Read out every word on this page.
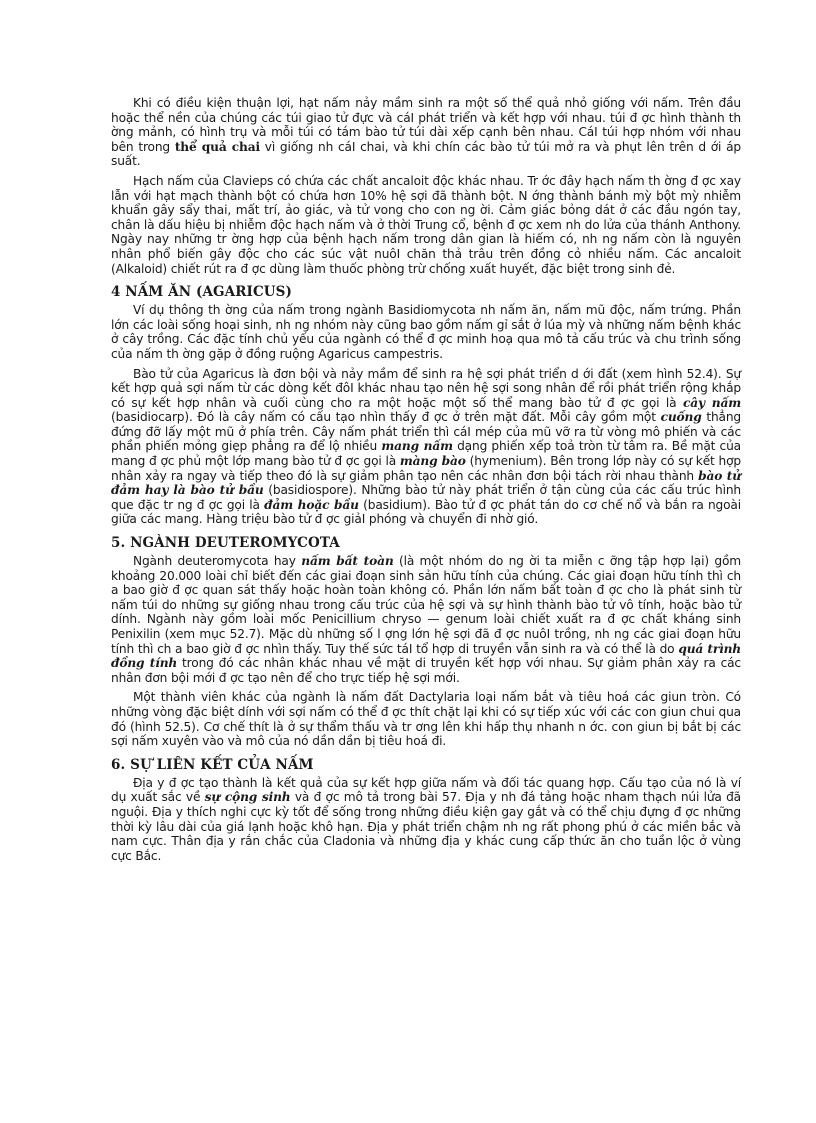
Khi có điều kiện thuận lợi, hạt nấm nảy mầm sinh ra một số thể quả nhỏ giống với nấm. Trên đầu hoặc thể nền của chúng các túi giao tử đực và cáI phát triển và kết hợp với nhau. túi đ ợc hình thành th ờng mảnh, có hình trụ và mỗi túi có tám bào tử túi dài xếp cạnh bên nhau. CáI túi hợp nhóm với nhau bên trong thể quả chai vì giống nh cáI chai, và khi chín các bào tử túi mở ra và phụt lên trên d ới áp suất.

Hạch nấm của Clavieps có chứa các chất ancaloit độc khác nhau. Tr ớc đây hạch nấm th ờng đ ợc xay lẫn với hạt mạch thành bột có chứa hơn 10% hệ sợi đã thành bột. N ớng thành bánh mỳ bột mỳ nhiễm khuẩn gây sẩy thai, mất trí, ảo giác, và tử vong cho con ng ời. Cảm giác bỏng dát ở các đầu ngón tay, chân là dấu hiệu bị nhiễm độc hạch nấm và ở thời Trung cổ, bệnh đ ợc xem nh do lửa của thánh Anthony. Ngày nay những tr ờng hợp của bệnh hạch nấm trong dân gian là hiếm có, nh ng nấm còn là nguyên nhân phổ biến gây độc cho các súc vật nuôI chăn thả trâu trên đồng cỏ nhiều nấm. Các ancaloit (Alkaloid) chiết rút ra đ ợc dùng làm thuốc phòng trừ chống xuất huyết, đặc biệt trong sinh đẻ.

4 NẤM ĂN (AGARICUS)

Ví dụ thông th ờng của nấm trong ngành Basidiomycota nh nấm ăn, nấm mũ độc, nấm trứng. Phần lớn các loài sống hoại sinh, nh ng nhóm này cũng bao gồm nấm gỉ sắt ở lúa mỳ và những nấm bệnh khác ở cây trồng. Các đặc tính chủ yếu của ngành có thể đ ợc minh hoạ qua mô tả cấu trúc và chu trình sống của nấm th ờng gặp ở đồng ruộng Agaricus campestris.

Bào tử của Agaricus là đơn bội và nảy mầm để sinh ra hệ sợi phát triển d ới đất (xem hình 52.4). Sự kết hợp quả sợi nấm từ các dòng kết đôI khác nhau tạo nên hệ sợi song nhân để rồi phát triển rộng khắp có sự kết hợp nhân và cuối cùng cho ra một hoặc một số thể mang bào tử đ ợc gọi là cây nấm (basidiocarp). Đó là cây nấm có cấu tạo nhìn thấy đ ợc ở trên mặt đất. Mỗi cây gồm một cuống thẳng đứng đỡ lấy một mũ ở phía trên. Cây nấm phát triển thì cáI mép của mũ vỡ ra từ vòng mô phiến và các phần phiến mỏng giẹp phẳng ra để lộ nhiều mang nấm dạng phiến xếp toả tròn từ tâm ra. Bề mặt của mang đ ợc phủ một lớp mang bào tử đ ợc gọi là màng bào (hymenium). Bên trong lớp này có sự kết hợp nhân xảy ra ngay và tiếp theo đó là sự giảm phân tạo nên các nhân đơn bội tách rời nhau thành bào tử đảm hay là bào tử bầu (basidiospore). Những bào tử này phát triển ở tận cùng của các cấu trúc hình que đặc tr ng đ ợc gọi là đảm hoặc bầu (basidium). Bào tử đ ợc phát tán do cơ chế nổ và bắn ra ngoài giữa các mang. Hàng triệu bào tử đ ợc giảI phóng và chuyển đi nhờ gió.

5. NGÀNH DEUTEROMYCOTA

Ngành deuteromycota hay nấm bất toàn (là một nhóm do ng ời ta miễn c ỡng tập hợp lại) gồm khoảng 20.000 loài chỉ biết đến các giai đoạn sinh sản hữu tính của chúng. Các giai đoạn hữu tính thì ch a bao giờ đ ợc quan sát thấy hoặc hoàn toàn không có. Phần lớn nấm bất toàn đ ợc cho là phát sinh từ nấm túi do những sự giống nhau trong cấu trúc của hệ sợi và sự hình thành bào tử vô tính, hoặc bào tử dính. Ngành này gồm loài mốc Penicillium chryso — genum loài chiết xuất ra đ ợc chất kháng sinh Penixilin (xem mục 52.7). Mặc dù những số l ợng lớn hệ sợi đã đ ợc nuôI trồng, nh ng các giai đoạn hữu tính thì ch a bao giờ đ ợc nhìn thấy. Tuy thế sức táI tổ hợp di truyền vẫn sinh ra và có thể là do quá trình đồng tính trong đó các nhân khác nhau về mặt di truyền kết hợp với nhau. Sự giảm phân xảy ra các nhân đơn bội mới đ ợc tạo nên để cho trực tiếp hệ sợi mới.

Một thành viên khác của ngành là nấm đất Dactylaria loại nấm bắt và tiêu hoá các giun tròn. Có những vòng đặc biệt dính với sợi nấm có thể đ ợc thít chặt lại khi có sự tiếp xúc với các con giun chui qua đó (hình 52.5). Cơ chế thít là ở sự thẩm thấu và tr ơng lên khi hấp thụ nhanh n ớc. con giun bị bắt bị các sợi nấm xuyên vào và mô của nó dần dần bị tiêu hoá đi.

6. SỰ LIÊN KẾT CỦA NẤM

Địa y đ ợc tạo thành là kết quả của sự kết hợp giữa nấm và đối tác quang hợp. Cấu tạo của nó là ví dụ xuất sắc về sự cộng sinh và đ ợc mô tả trong bài 57. Địa y nh đá tảng hoặc nham thạch núi lửa đã nguội. Địa y thích nghi cực kỳ tốt để sống trong những điều kiện gay gắt và có thể chịu đựng đ ợc những thời kỳ lâu dài của giá lạnh hoặc khô hạn. Địa y phát triển chậm nh ng rất phong phú ở các miền bắc và nam cực. Thân địa y rắn chắc của Cladonia và những địa y khác cung cấp thức ăn cho tuần lộc ở vùng cực Bắc.
